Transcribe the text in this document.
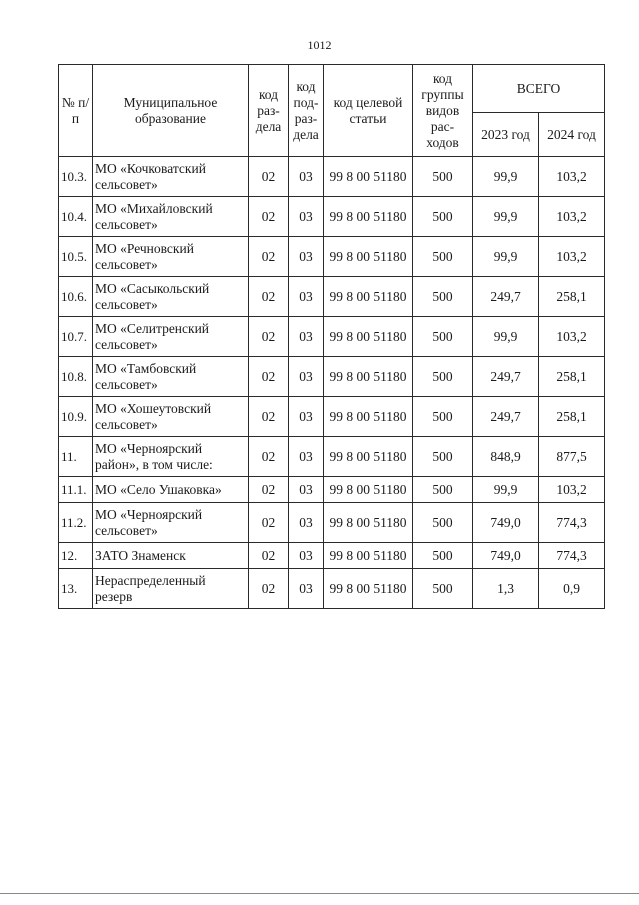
1012
№ п/п	Муниципальное образование	код раз- дела	код под- раз- дела	код целевой статьи	код группы видов рас- ходов	ВСЕГО	
						2023 год	2024 год
10.3.	МО «Кочковатский сельсовет»	02	03	99 8 00 51180	500	99,9	103,2
10.4.	МО «Михайловский сельсовет»	02	03	99 8 00 51180	500	99,9	103,2
10.5.	МО «Речновский сельсовет»	02	03	99 8 00 51180	500	99,9	103,2
10.6.	МО «Сасыкольский сельсовет»	02	03	99 8 00 51180	500	249,7	258,1
10.7.	МО «Селитренский сельсовет»	02	03	99 8 00 51180	500	99,9	103,2
10.8.	МО «Тамбовский сельсовет»	02	03	99 8 00 51180	500	249,7	258,1
10.9.	МО «Хошеутовский сельсовет»	02	03	99 8 00 51180	500	249,7	258,1
11.	МО «Черноярский район», в том числе:	02	03	99 8 00 51180	500	848,9	877,5
11.1.	МО «Село Ушаковка»	02	03	99 8 00 51180	500	99,9	103,2
11.2.	МО «Черноярский сельсовет»	02	03	99 8 00 51180	500	749,0	774,3
12.	ЗАТО Знаменск	02	03	99 8 00 51180	500	749,0	774,3
13.	Нераспределенный резерв	02	03	99 8 00 51180	500	1,3	0,9
